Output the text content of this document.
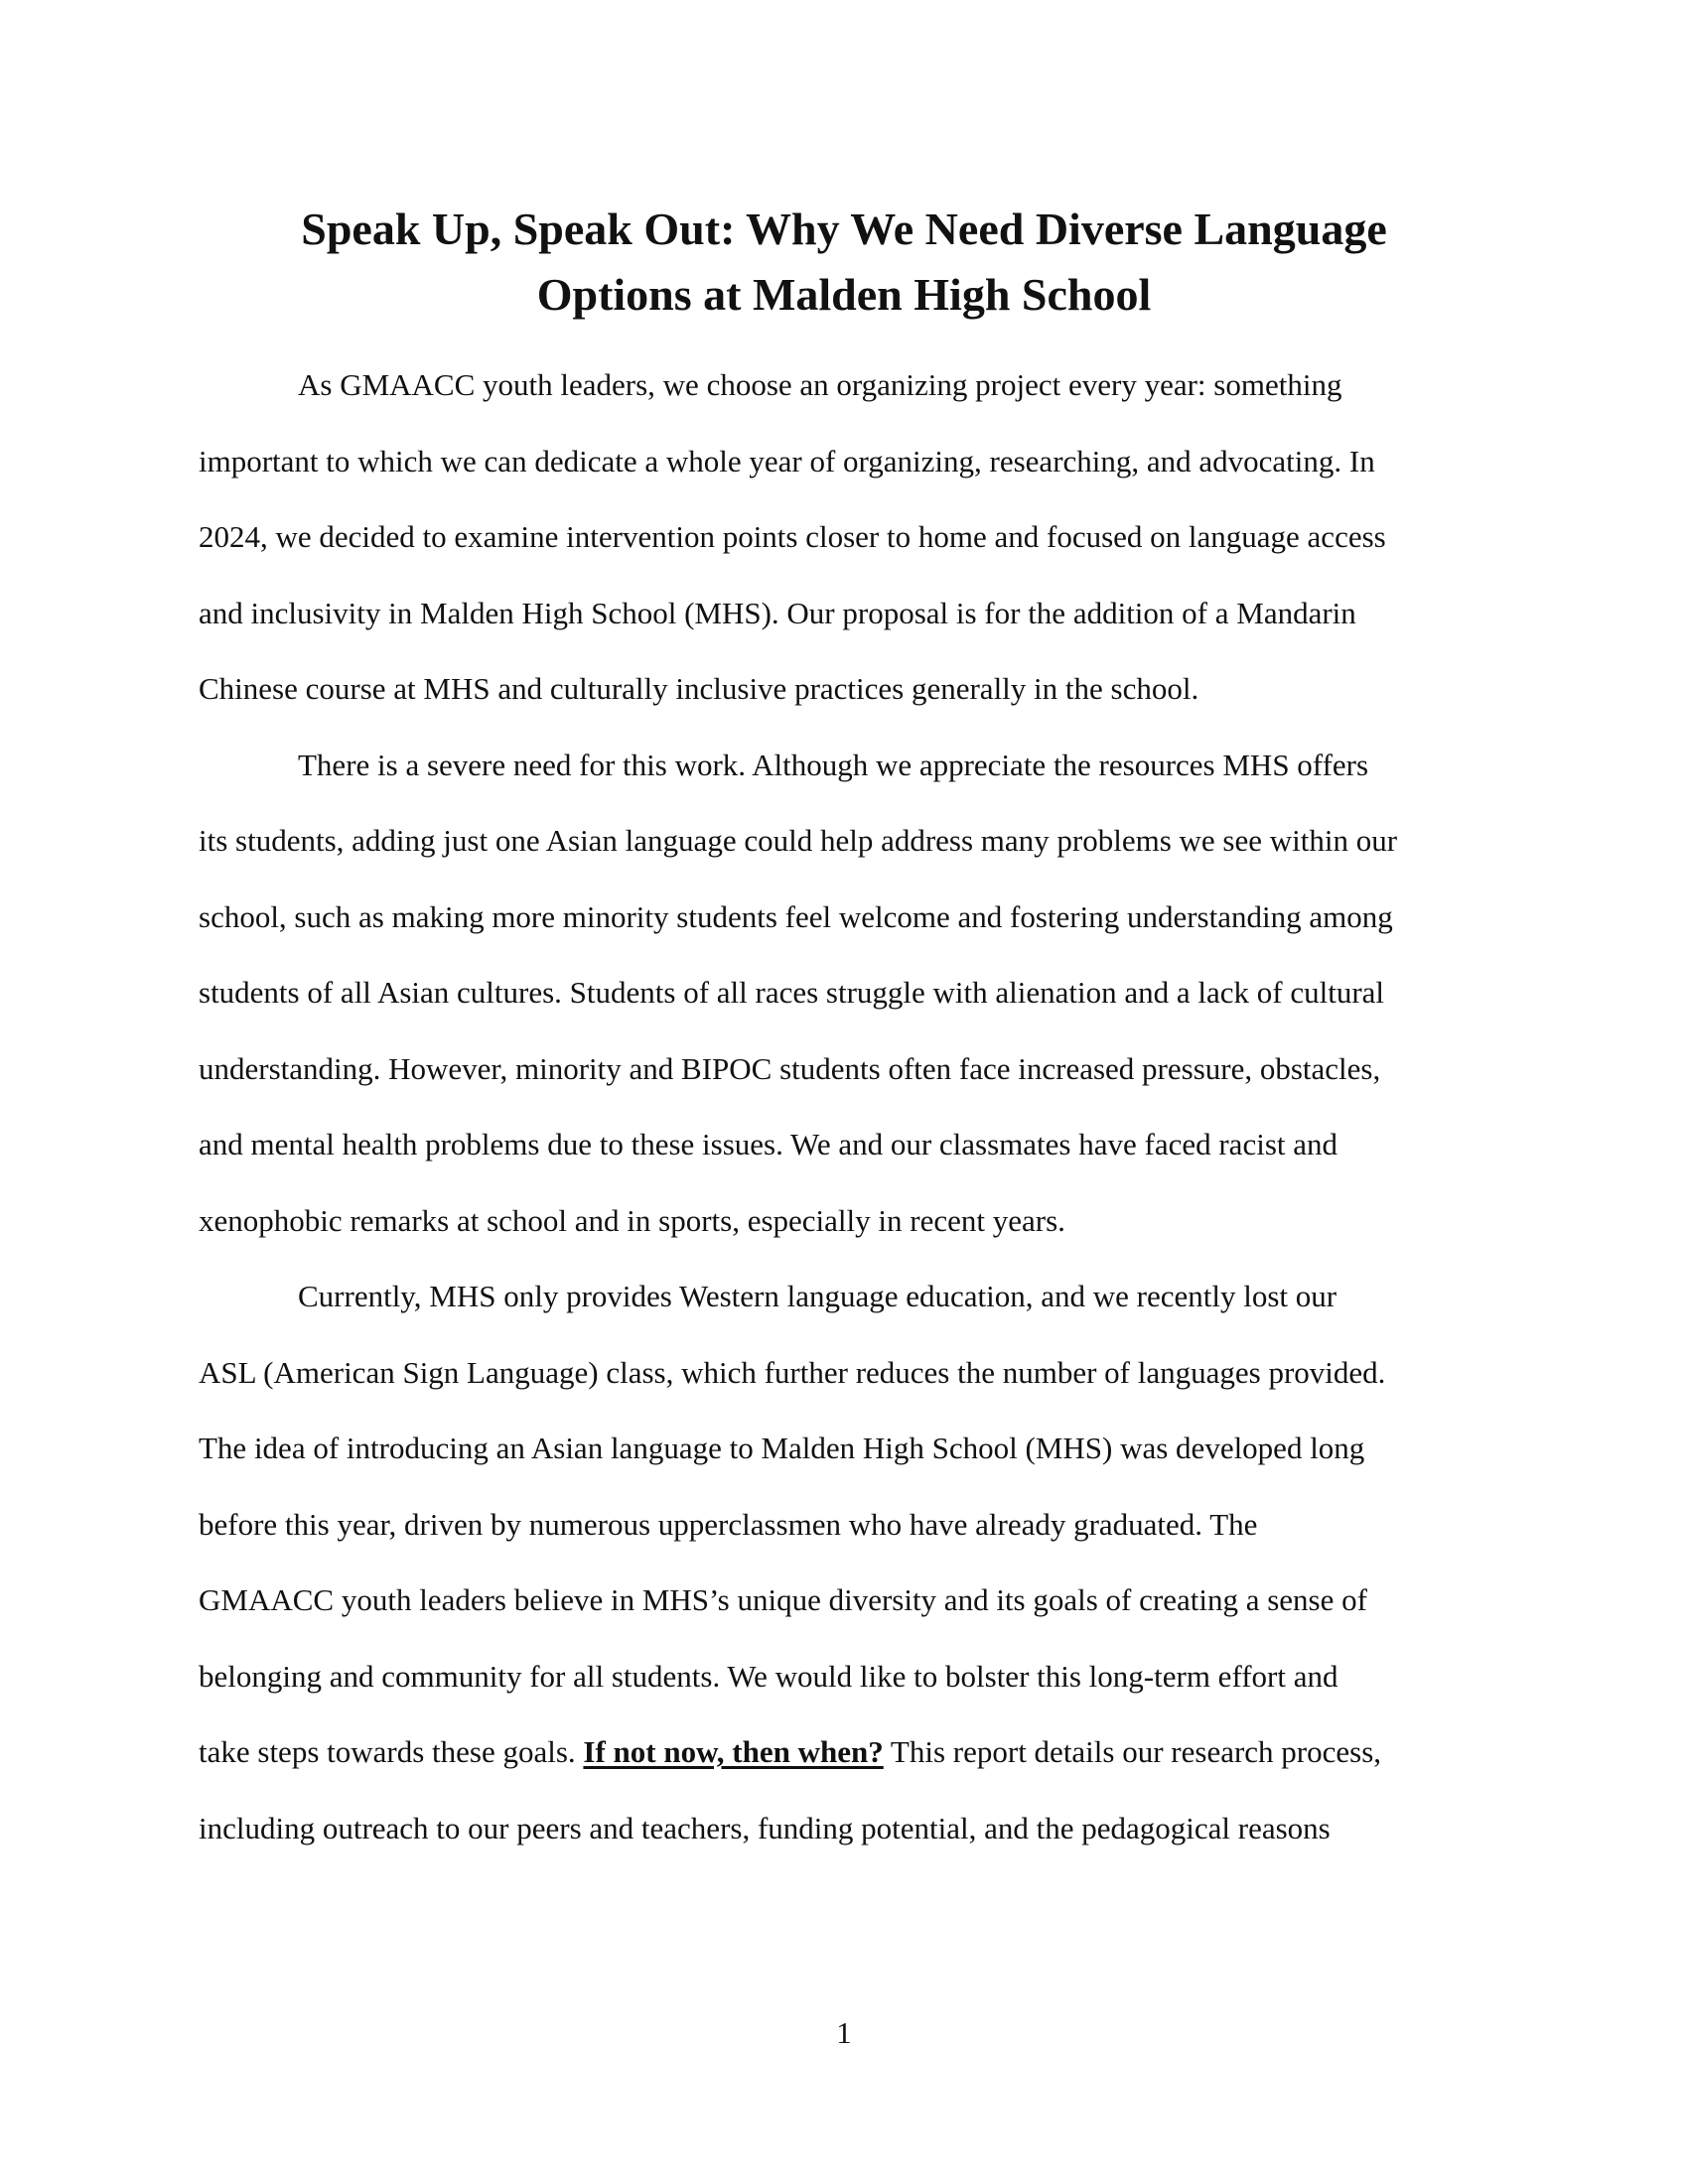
Speak Up, Speak Out: Why We Need Diverse Language
Options at Malden High School

As GMAACC youth leaders, we choose an organizing project every year: something
important to which we can dedicate a whole year of organizing, researching, and advocating. In
2024, we decided to examine intervention points closer to home and focused on language access
and inclusivity in Malden High School (MHS). Our proposal is for the addition of a Mandarin
Chinese course at MHS and culturally inclusive practices generally in the school.

There is a severe need for this work. Although we appreciate the resources MHS offers
its students, adding just one Asian language could help address many problems we see within our
school, such as making more minority students feel welcome and fostering understanding among
students of all Asian cultures. Students of all races struggle with alienation and a lack of cultural
understanding. However, minority and BIPOC students often face increased pressure, obstacles,
and mental health problems due to these issues. We and our classmates have faced racist and
xenophobic remarks at school and in sports, especially in recent years.

Currently, MHS only provides Western language education, and we recently lost our
ASL (American Sign Language) class, which further reduces the number of languages provided.
The idea of introducing an Asian language to Malden High School (MHS) was developed long
before this year, driven by numerous upperclassmen who have already graduated. The
GMAACC youth leaders believe in MHS’s unique diversity and its goals of creating a sense of
belonging and community for all students. We would like to bolster this long-term effort and
take steps towards these goals. If not now, then when? This report details our research process,
including outreach to our peers and teachers, funding potential, and the pedagogical reasons

1
